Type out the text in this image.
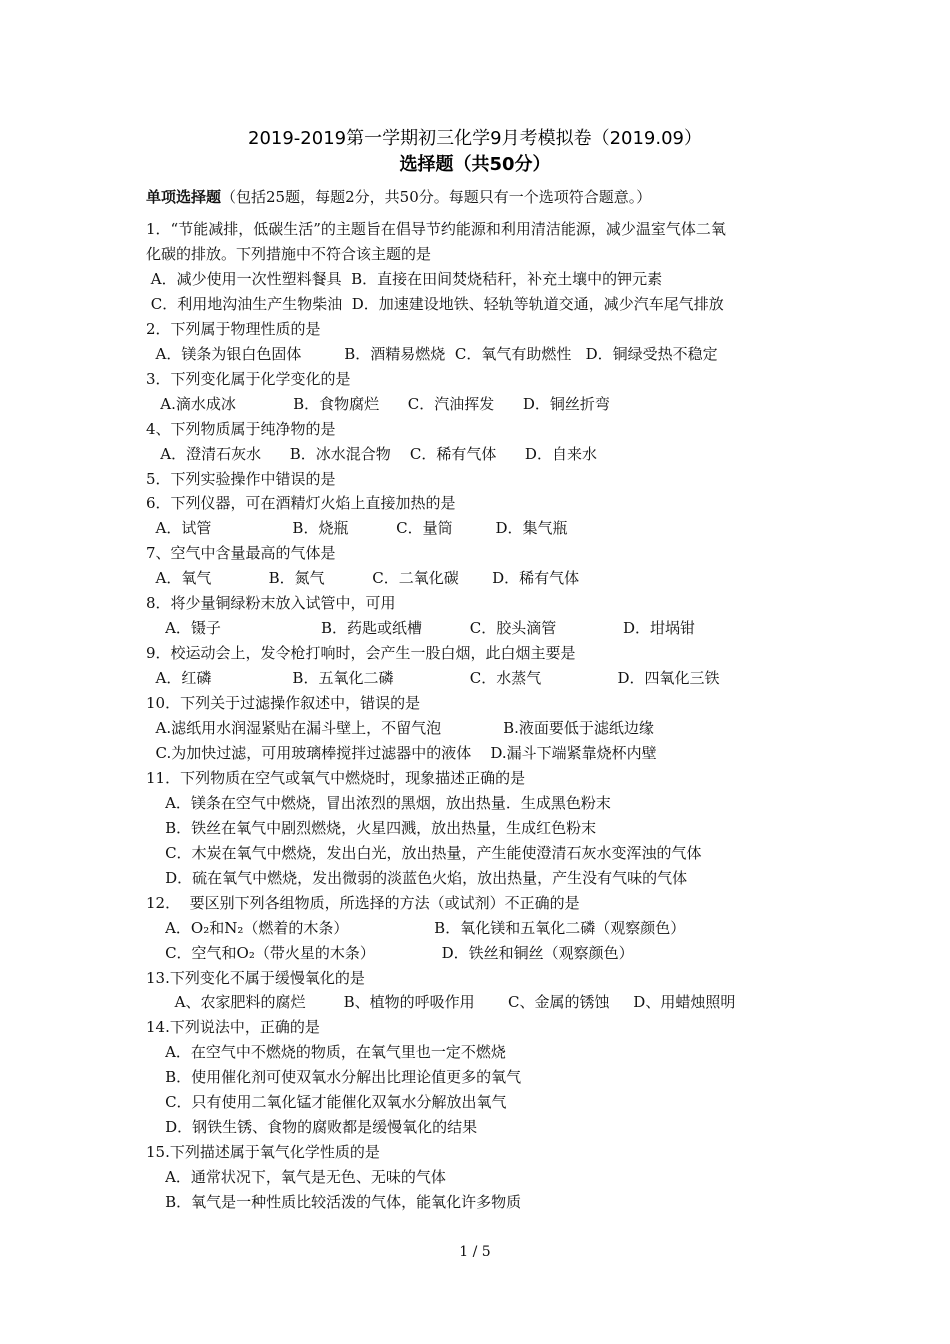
2019-2019第一学期初三化学9月考模拟卷（2019.09）
选择题（共50分）
单项选择题（包括25题，每题2分，共50分。每题只有一个选项符合题意。）
1．“节能减排，低碳生活”的主题旨在倡导节约能源和利用清洁能源，减少温室气体二氧
化碳的排放。下列措施中不符合该主题的是
A．减少使用一次性塑料餐具  B．直接在田间焚烧秸秆，补充土壤中的钾元素
C．利用地沟油生产生物柴油  D．加速建设地铁、轻轨等轨道交通，减少汽车尾气排放
2．下列属于物理性质的是
A．镁条为银白色固体         B．酒精易燃烧  C．氧气有助燃性   D．铜绿受热不稳定
3．下列变化属于化学变化的是
A.滴水成冰            B．食物腐烂      C．汽油挥发      D．铜丝折弯
4、下列物质属于纯净物的是
A．澄清石灰水      B．冰水混合物    C．稀有气体      D．自来水
5．下列实验操作中错误的是
6．下列仪器，可在酒精灯火焰上直接加热的是
A．试管                 B．烧瓶          C．量筒         D．集气瓶
7、空气中含量最高的气体是
A．氧气            B．氮气          C．二氧化碳       D．稀有气体
8．将少量铜绿粉末放入试管中，可用
A．镊子                     B．药匙或纸槽          C．胶头滴管              D．坩埚钳
9．校运动会上，发令枪打响时，会产生一股白烟，此白烟主要是
A．红磷                 B．五氧化二磷                C．水蒸气                D．四氧化三铁
10．下列关于过滤操作叙述中，错误的是
A.滤纸用水润湿紧贴在漏斗壁上，不留气泡             B.液面要低于滤纸边缘
C.为加快过滤，可用玻璃棒搅拌过滤器中的液体    D.漏斗下端紧靠烧杯内壁
11．下列物质在空气或氧气中燃烧时，现象描述正确的是
A．镁条在空气中燃烧，冒出浓烈的黑烟，放出热量．生成黑色粉末
B．铁丝在氧气中剧烈燃烧，火星四溅，放出热量，生成红色粉末
C．木炭在氧气中燃烧，发出白光，放出热量，产生能使澄清石灰水变浑浊的气体
D．硫在氧气中燃烧，发出微弱的淡蓝色火焰，放出热量，产生没有气味的气体
12．  要区别下列各组物质，所选择的方法（或试剂）不正确的是
A．O₂和N₂（燃着的木条）                  B．氧化镁和五氧化二磷（观察颜色）
C．空气和O₂（带火星的木条）              D．铁丝和铜丝（观察颜色）
13.下列变化不属于缓慢氧化的是
A、农家肥料的腐烂        B、植物的呼吸作用       C、金属的锈蚀     D、用蜡烛照明
14.下列说法中，正确的是
A．在空气中不燃烧的物质，在氧气里也一定不燃烧
B．使用催化剂可使双氧水分解出比理论值更多的氧气
C．只有使用二氧化锰才能催化双氧水分解放出氧气
D．钢铁生锈、食物的腐败都是缓慢氧化的结果
15.下列描述属于氧气化学性质的是
A．通常状况下，氧气是无色、无味的气体
B．氧气是一种性质比较活泼的气体，能氧化许多物质
1 / 5
